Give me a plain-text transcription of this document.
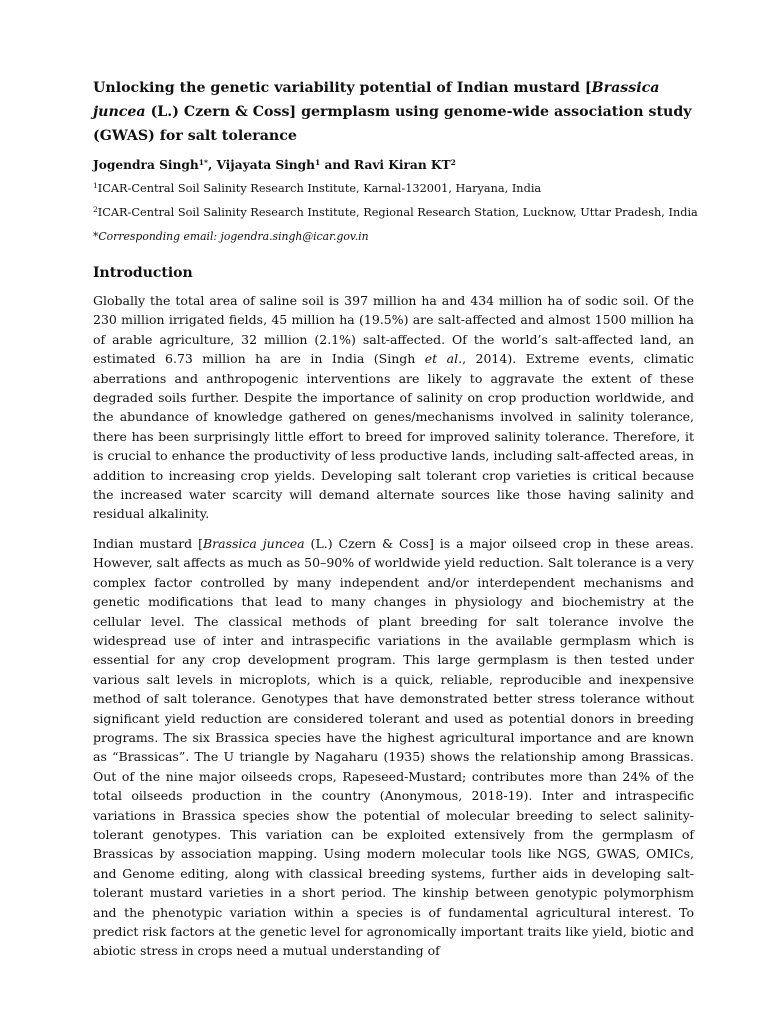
Unlocking the genetic variability potential of Indian mustard [Brassica juncea (L.) Czern & Coss] germplasm using genome-wide association study (GWAS) for salt tolerance

Jogendra Singh$^{1*}$, Vijayata Singh$^1$ and Ravi Kiran $KT^2$

$^1$ICAR-Central Soil Salinity Research Institute, Karnal-132001, Haryana, India

$^2$ICAR-Central Soil Salinity Research Institute, Regional Research Station, Lucknow, Uttar Pradesh, India

*Corresponding email: jogendra.singh@icar.gov.in

Introduction

Globally the total area of saline soil is 397 million ha and 434 million ha of sodic soil. Of the 230 million irrigated fields, 45 million ha (19.5%) are salt-affected and almost 1500 million ha of arable agriculture, 32 million (2.1%) salt-affected. Of the world’s salt-affected land, an estimated 6.73 million ha are in India (Singh et al., 2014). Extreme events, climatic aberrations and anthropogenic interventions are likely to aggravate the extent of these degraded soils further. Despite the importance of salinity on crop production worldwide, and the abundance of knowledge gathered on genes/mechanisms involved in salinity tolerance, there has been surprisingly little effort to breed for improved salinity tolerance. Therefore, it is crucial to enhance the productivity of less productive lands, including salt-affected areas, in addition to increasing crop yields. Developing salt tolerant crop varieties is critical because the increased water scarcity will demand alternate sources like those having salinity and residual alkalinity.

Indian mustard [Brassica juncea (L.) Czern & Coss] is a major oilseed crop in these areas. However, salt affects as much as 50–90% of worldwide yield reduction. Salt tolerance is a very complex factor controlled by many independent and/or interdependent mechanisms and genetic modifications that lead to many changes in physiology and biochemistry at the cellular level. The classical methods of plant breeding for salt tolerance involve the widespread use of inter and intraspecific variations in the available germplasm which is essential for any crop development program. This large germplasm is then tested under various salt levels in microplots, which is a quick, reliable, reproducible and inexpensive method of salt tolerance. Genotypes that have demonstrated better stress tolerance without significant yield reduction are considered tolerant and used as potential donors in breeding programs. The six Brassica species have the highest agricultural importance and are known as “Brassicas”. The U triangle by Nagaharu (1935) shows the relationship among Brassicas. Out of the nine major oilseeds crops, Rapeseed-Mustard; contributes more than 24% of the total oilseeds production in the country (Anonymous, 2018-19). Inter and intraspecific variations in Brassica species show the potential of molecular breeding to select salinity-tolerant genotypes. This variation can be exploited extensively from the germplasm of Brassicas by association mapping. Using modern molecular tools like NGS, GWAS, OMICs, and Genome editing, along with classical breeding systems, further aids in developing salt-tolerant mustard varieties in a short period. The kinship between genotypic polymorphism and the phenotypic variation within a species is of fundamental agricultural interest. To predict risk factors at the genetic level for agronomically important traits like yield, biotic and abiotic stress in crops need a mutual understanding of
